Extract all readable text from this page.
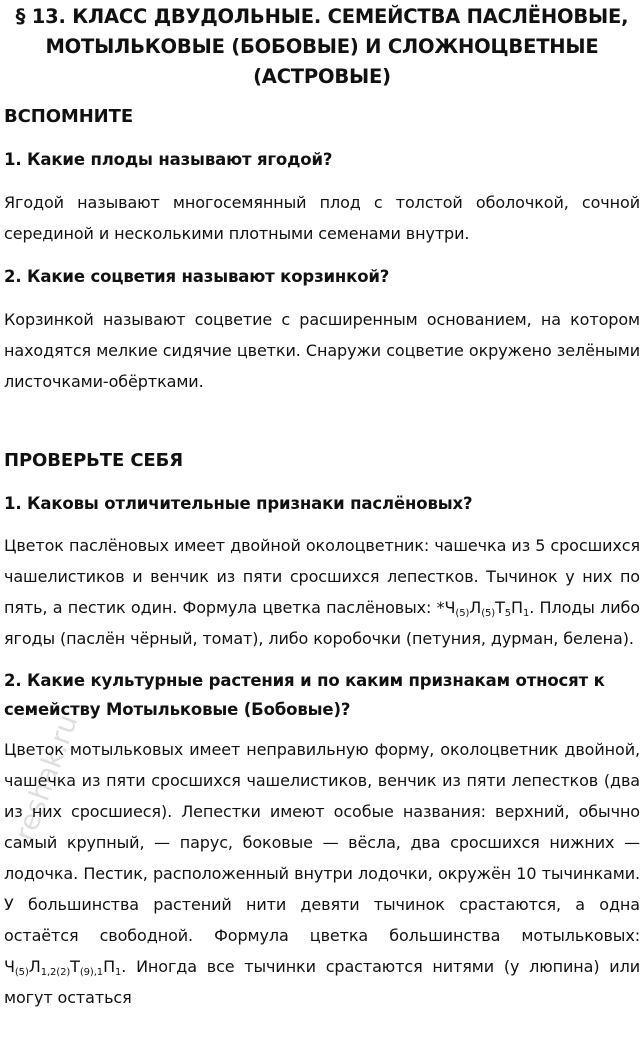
§ 13. КЛАСС ДВУДОЛЬНЫЕ. СЕМЕЙСТВА ПАСЛЁНОВЫЕ,
МОТЫЛЬКОВЫЕ (БОБОВЫЕ) И СЛОЖНОЦВЕТНЫЕ
(АСТРОВЫЕ)
ВСПОМНИТЕ
1. Какие плоды называют ягодой?

Ягодой называют многосемянный плод с толстой оболочкой, сочной серединой и несколькими плотными семенами внутри.

2. Какие соцветия называют корзинкой?

Корзинкой называют соцветие с расширенным основанием, на котором находятся мелкие сидячие цветки. Снаружи соцветие окружено зелёными листочками-обёртками.

ПРОВЕРЬТЕ СЕБЯ
1. Каковы отличительные признаки паслёновых?

Цветок паслёновых имеет двойной околоцветник: чашечка из 5 сросшихся чашелистиков и венчик из пяти сросшихся лепестков. Тычинок у них по пять, а пестик один. Формула цветка паслёновых: $*Ч_{(5)}Л_{(5)}Т_5П_1$. Плоды либо ягоды (паслён чёрный, томат), либо коробочки (петуния, дурман, белена).

2. Какие культурные растения и по каким признакам относят к семейству Мотыльковые (Бобовые)?

Цветок мотыльковых имеет неправильную форму, околоцветник двойной, чашечка из пяти сросшихся чашелистиков, венчик из пяти лепестков (два из них сросшиеся). Лепестки имеют особые названия: верхний, обычно самый крупный, — парус, боковые — вёсла, два сросшихся нижних — лодочка. Пестик, расположенный внутри лодочки, окружён 10 тычинками. У большинства растений нити девяти тычинок срастаются, а одна остаётся свободной. Формула цветка большинства мотыльковых: $Ч_{(5)}Л_{1,2(2)}Т_{(9),1}П_1$. Иногда все тычинки срастаются нитями (у люпина) или могут остаться

reshak.ru
